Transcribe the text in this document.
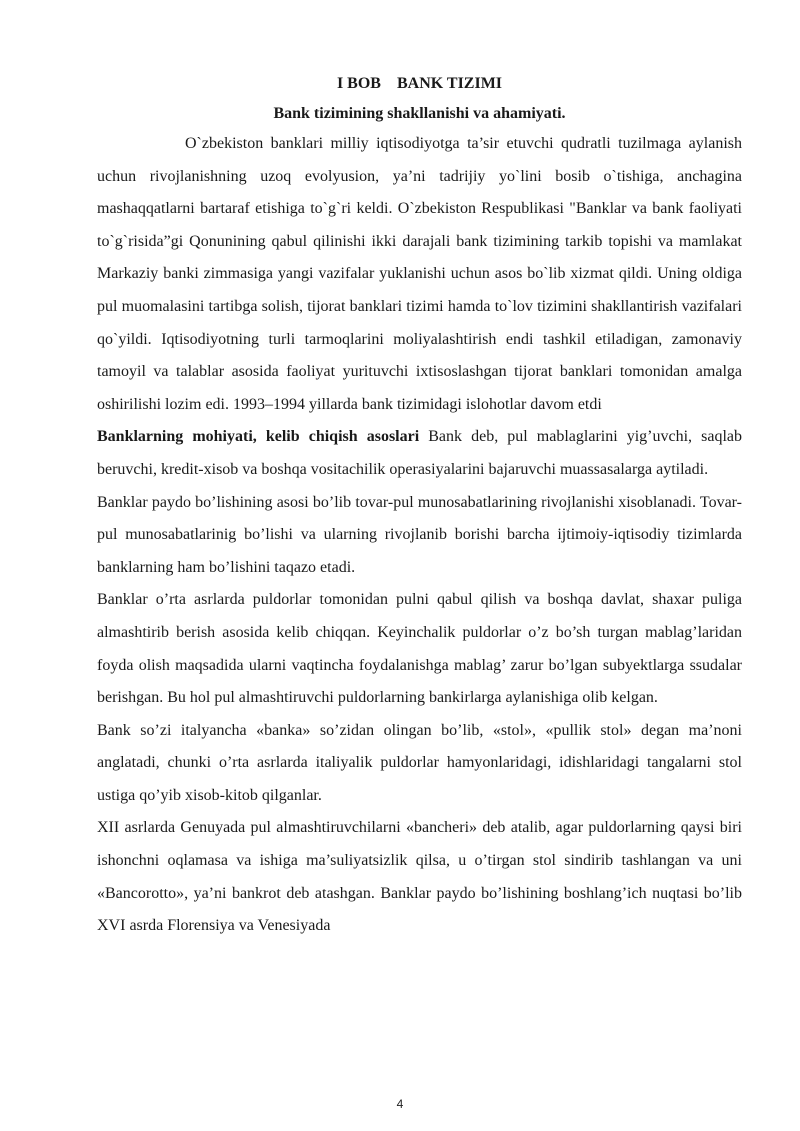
I BOB    BANK TIZIMI
Bank tizimining shakllanishi va ahamiyati.

O`zbekiston banklari milliy iqtisodiyotga ta’sir etuvchi qudratli tuzilmaga aylanish uchun rivojlanishning uzoq evolyusion, ya’ni tadrijiy yo`lini bosib o`tishiga, anchagina mashaqqatlarni bartaraf etishiga to`g`ri keldi. O`zbekiston Respublikasi "Banklar va bank faoliyati to`g`risida”gi Qonunining qabul qilinishi ikki darajali bank tizimining tarkib topishi va mamlakat Markaziy banki zimmasiga yangi vazifalar yuklanishi uchun asos bo`lib xizmat qildi. Uning oldiga pul muomalasini tartibga solish, tijorat banklari tizimi hamda to`lov tizimini shakllantirish vazifalari qo`yildi. Iqtisodiyotning turli tarmoqlarini moliyalashtirish endi tashkil etiladigan, zamonaviy tamoyil va talablar asosida faoliyat yurituvchi ixtisoslashgan tijorat banklari tomonidan amalga oshirilishi lozim edi. 1993–1994 yillarda bank tizimidagi islohotlar davom etdi

Banklarning mohiyati, kelib chiqish asoslari Bank deb, pul mablaglarini yig’uvchi, saqlab beruvchi, kredit-xisob va boshqa vositachilik operasiyalarini bajaruvchi muassasalarga aytiladi.

Banklar paydo bo’lishining asosi bo’lib tovar-pul munosabatlarining rivojlanishi xisoblanadi. Tovar-pul munosabatlarinig bo’lishi va ularning rivojlanib borishi barcha ijtimoiy-iqtisodiy tizimlarda banklarning ham bo’lishini taqazo etadi.

Banklar o’rta asrlarda puldorlar tomonidan pulni qabul qilish va boshqa davlat, shaxar puliga almashtirib berish asosida kelib chiqqan. Keyinchalik puldorlar o’z bo’sh turgan mablag’laridan foyda olish maqsadida ularni vaqtincha foydalanishga mablag’ zarur bo’lgan subyektlarga ssudalar berishgan. Bu hol pul almashtiruvchi puldorlarning bankirlarga aylanishiga olib kelgan.

Bank so’zi italyancha «banka» so’zidan olingan bo’lib, «stol», «pullik stol» degan ma’noni anglatadi, chunki o’rta asrlarda italiyalik puldorlar hamyonlaridagi, idishlaridagi tangalarni stol ustiga qo’yib xisob-kitob qilganlar.

XII asrlarda Genuyada pul almashtiruvchilarni «bancheri» deb atalib, agar puldorlarning qaysi biri ishonchni oqlamasa va ishiga ma’suliyatsizlik qilsa, u o’tirgan stol sindirib tashlangan va uni «Bancorotto», ya’ni bankrot deb atashgan. Banklar paydo bo’lishining boshlang’ich nuqtasi bo’lib XVI asrda Florensiya va Venesiyada

4
